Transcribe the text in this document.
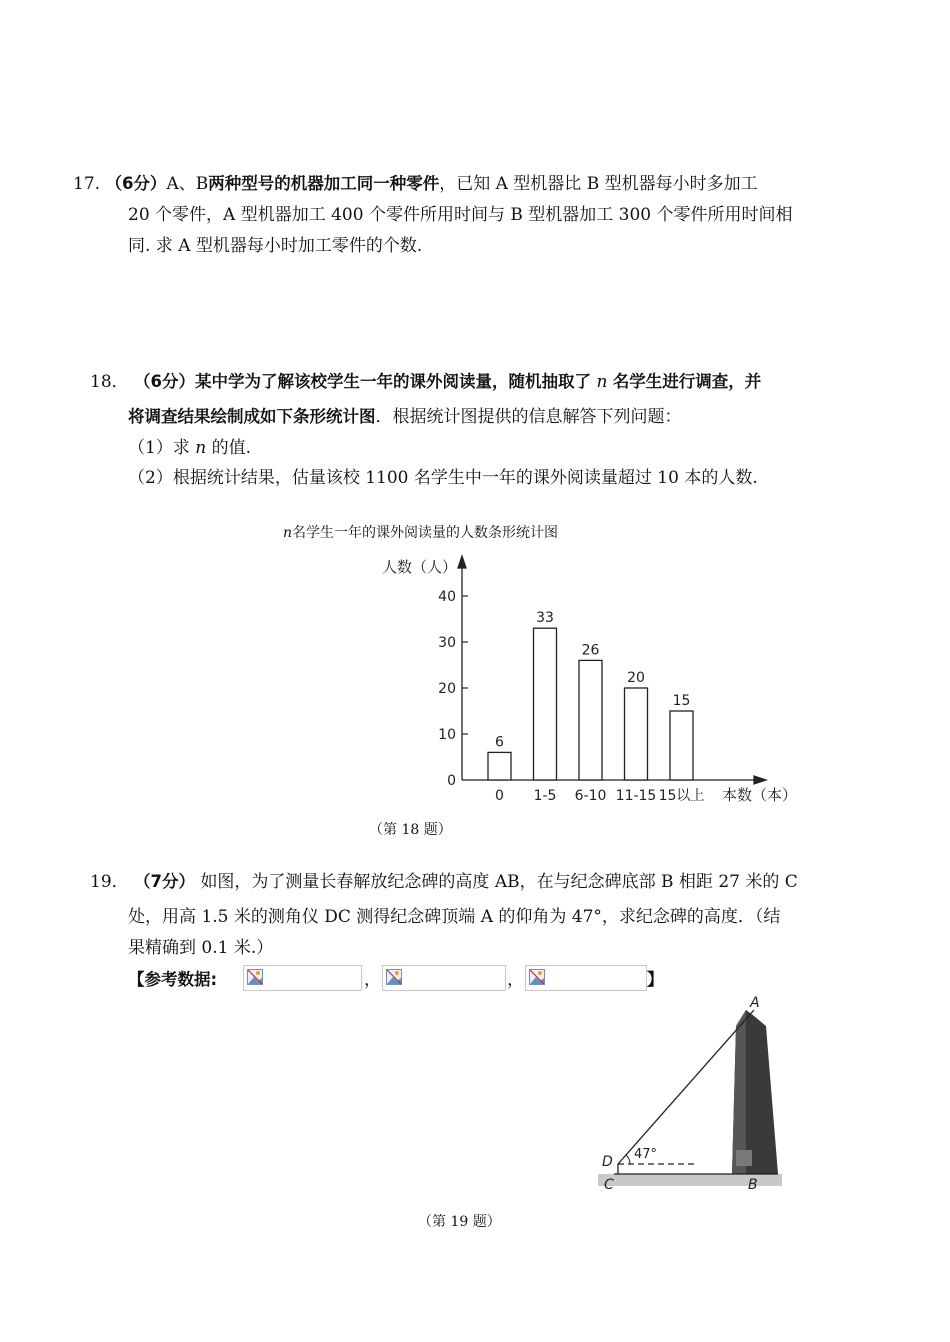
17. （6分）A、B两种型号的机器加工同一种零件，已知 A 型机器比 B 型机器每小时多加工
20 个零件，A 型机器加工 400 个零件所用时间与 B 型机器加工 300 个零件所用时间相
同. 求 A 型机器每小时加工零件的个数.
18． （6分）某中学为了解该校学生一年的课外阅读量，随机抽取了 n 名学生进行调查，并
将调查结果绘制成如下条形统计图．根据统计图提供的信息解答下列问题：
（1）求 n 的值.
（2）根据统计结果，估量该校 1100 名学生中一年的课外阅读量超过 10 本的人数.
n名学生一年的课外阅读量的人数条形统计图
人数（人）
本数（本）
0
10
20
30
40
6
33
26
20
15
0 1-5 6-10 11-15 15以上
（第 18 题）
19． （7分） 如图，为了测量长春解放纪念碑的高度 AB，在与纪念碑底部 B 相距 27 米的 C
处，用高 1.5 米的测角仪 DC 测得纪念碑顶端 A 的仰角为 47°，求纪念碑的高度．（结
果精确到 0.1 米.）
【参考数据:	，	，	】
47°
A
D
C	B
（第 19 题）
